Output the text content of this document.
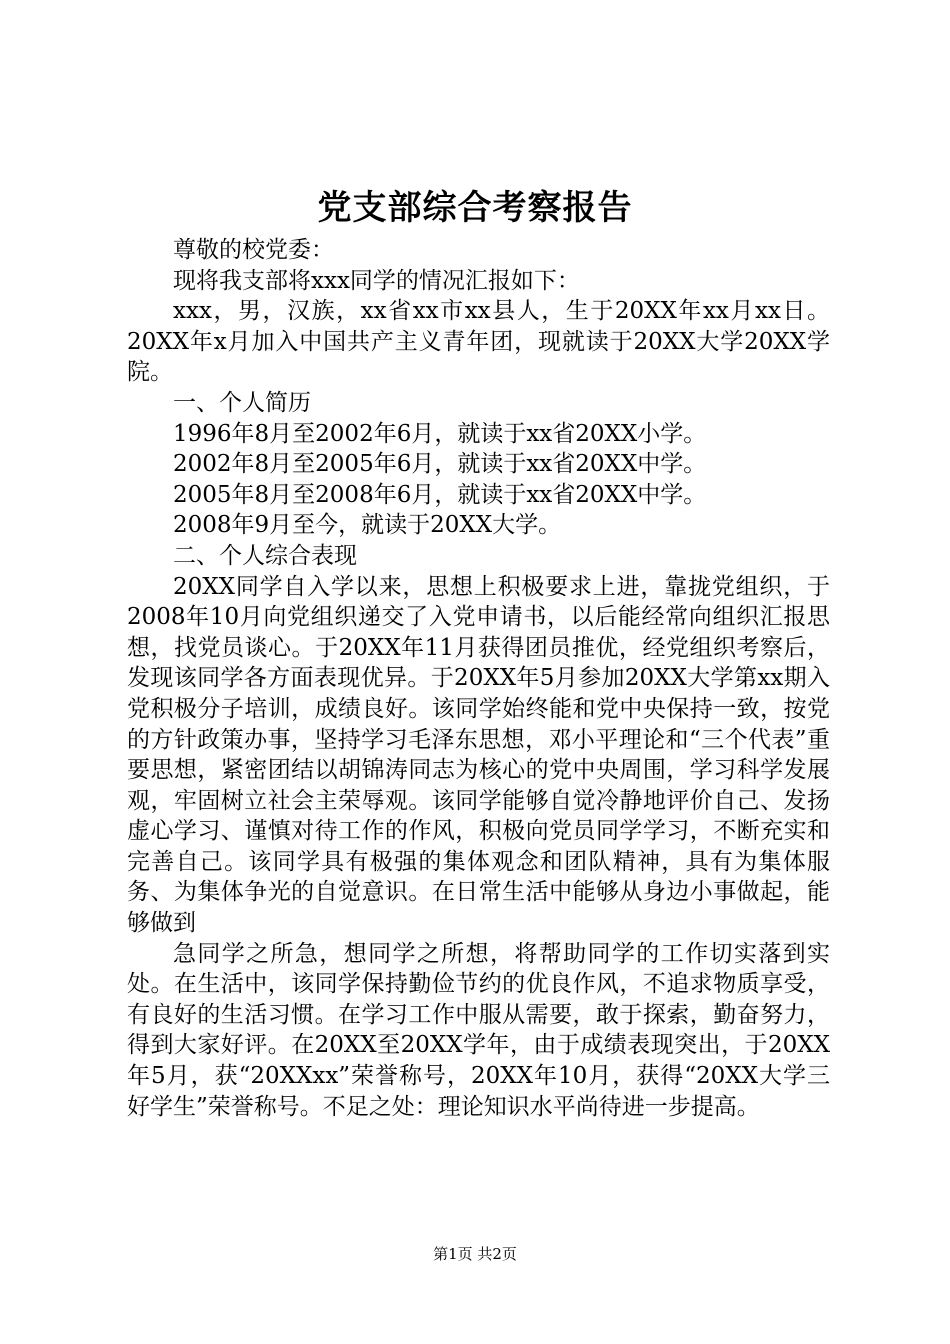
党支部综合考察报告

尊敬的校党委：

现将我支部将xxx同学的情况汇报如下：

xxx，男，汉族，xx省xx市xx县人，生于20XX年xx月xx日。20XX年x月加入中国共产主义青年团，现就读于20XX大学20XX学院。

一、个人简历

1996年8月至2002年6月，就读于xx省20XX小学。

2002年8月至2005年6月，就读于xx省20XX中学。

2005年8月至2008年6月，就读于xx省20XX中学。

2008年9月至今，就读于20XX大学。

二、个人综合表现

20XX同学自入学以来，思想上积极要求上进，靠拢党组织，于2008年10月向党组织递交了入党申请书，以后能经常向组织汇报思想，找党员谈心。于20XX年11月获得团员推优，经党组织考察后，发现该同学各方面表现优异。于20XX年5月参加20XX大学第xx期入党积极分子培训，成绩良好。该同学始终能和党中央保持一致，按党的方针政策办事，坚持学习毛泽东思想，邓小平理论和“三个代表”重要思想，紧密团结以胡锦涛同志为核心的党中央周围，学习科学发展观，牢固树立社会主荣辱观。该同学能够自觉冷静地评价自己、发扬虚心学习、谨慎对待工作的作风，积极向党员同学学习，不断充实和完善自己。该同学具有极强的集体观念和团队精神，具有为集体服务、为集体争光的自觉意识。在日常生活中能够从身边小事做起，能够做到

急同学之所急，想同学之所想，将帮助同学的工作切实落到实处。在生活中，该同学保持勤俭节约的优良作风，不追求物质享受，有良好的生活习惯。在学习工作中服从需要，敢于探索，勤奋努力，得到大家好评。在20XX至20XX学年，由于成绩表现突出，于20XX年5月，获“20XXxx”荣誉称号，20XX年10月，获得“20XX大学三好学生”荣誉称号。不足之处：理论知识水平尚待进一步提高。

第1页 共2页
